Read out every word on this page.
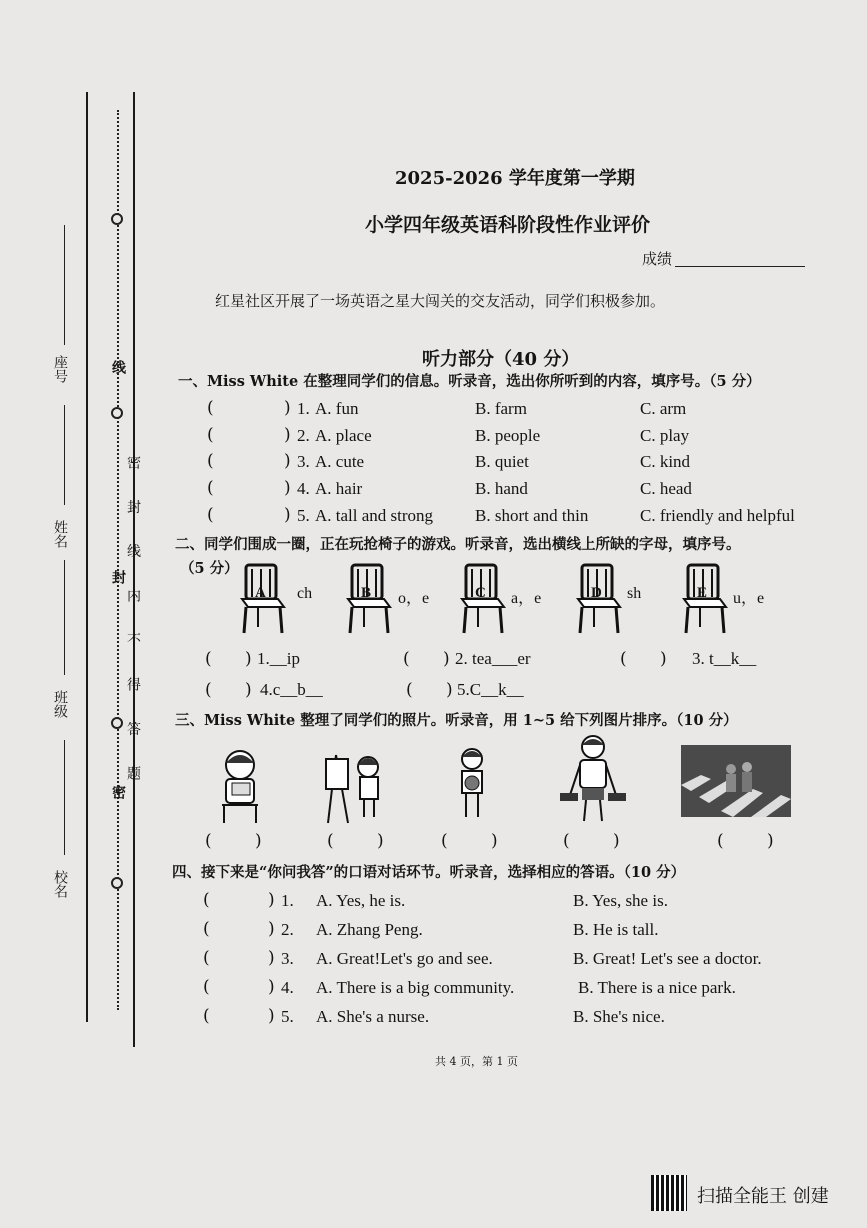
线
封
密 密 封 线 内 不 得 答 题
座号
姓名
班级
校名
2025-2026 学年度第一学期
小学四年级英语科阶段性作业评价
成绩
红星社区开展了一场英语之星大闯关的交友活动，同学们积极参加。
听力部分（40 分）
一、Miss White 在整理同学们的信息。听录音，选出你所听到的内容，填序号。（5 分）
(	) 1. A. fun	B. farm	C. arm
(	) 2. A. place	B. people	C. play
(	) 3. A. cute	B. quiet	C. kind
(	) 4. A. hair	B. hand	C. head
(	) 5. A. tall and strong B. short and thin	C. friendly and helpful
二、同学们围成一圈，正在玩抢椅子的游戏。听录音，选出横线上所缺的字母，填序号。
（5 分）
A ch	B o，e	C a，e	D sh	E u，e
( ) 1.__ip	( ) 2. tea___er	( ) 3. t__k__
( ) 4.c__b__	( ) 5.C__k__
三、Miss White 整理了同学们的照片。听录音，用 1~5 给下列图片排序。（10 分）
(	)	(	)	(	)	(	)	(	)
四、接下来是“你问我答”的口语对话环节。听录音，选择相应的答语。（10 分）
(	) 1. A. Yes, he is.	B. Yes, she is.
(	) 2. A. Zhang Peng.	B. He is tall.
(	) 3. A. Great!Let's go and see.	B. Great! Let's see a doctor.
(	) 4. A. There is a big community.	B. There is a nice park.
(	) 5. A. She's a nurse.	B. She's nice.
共 4 页，第 1 页
扫描全能王 创建
